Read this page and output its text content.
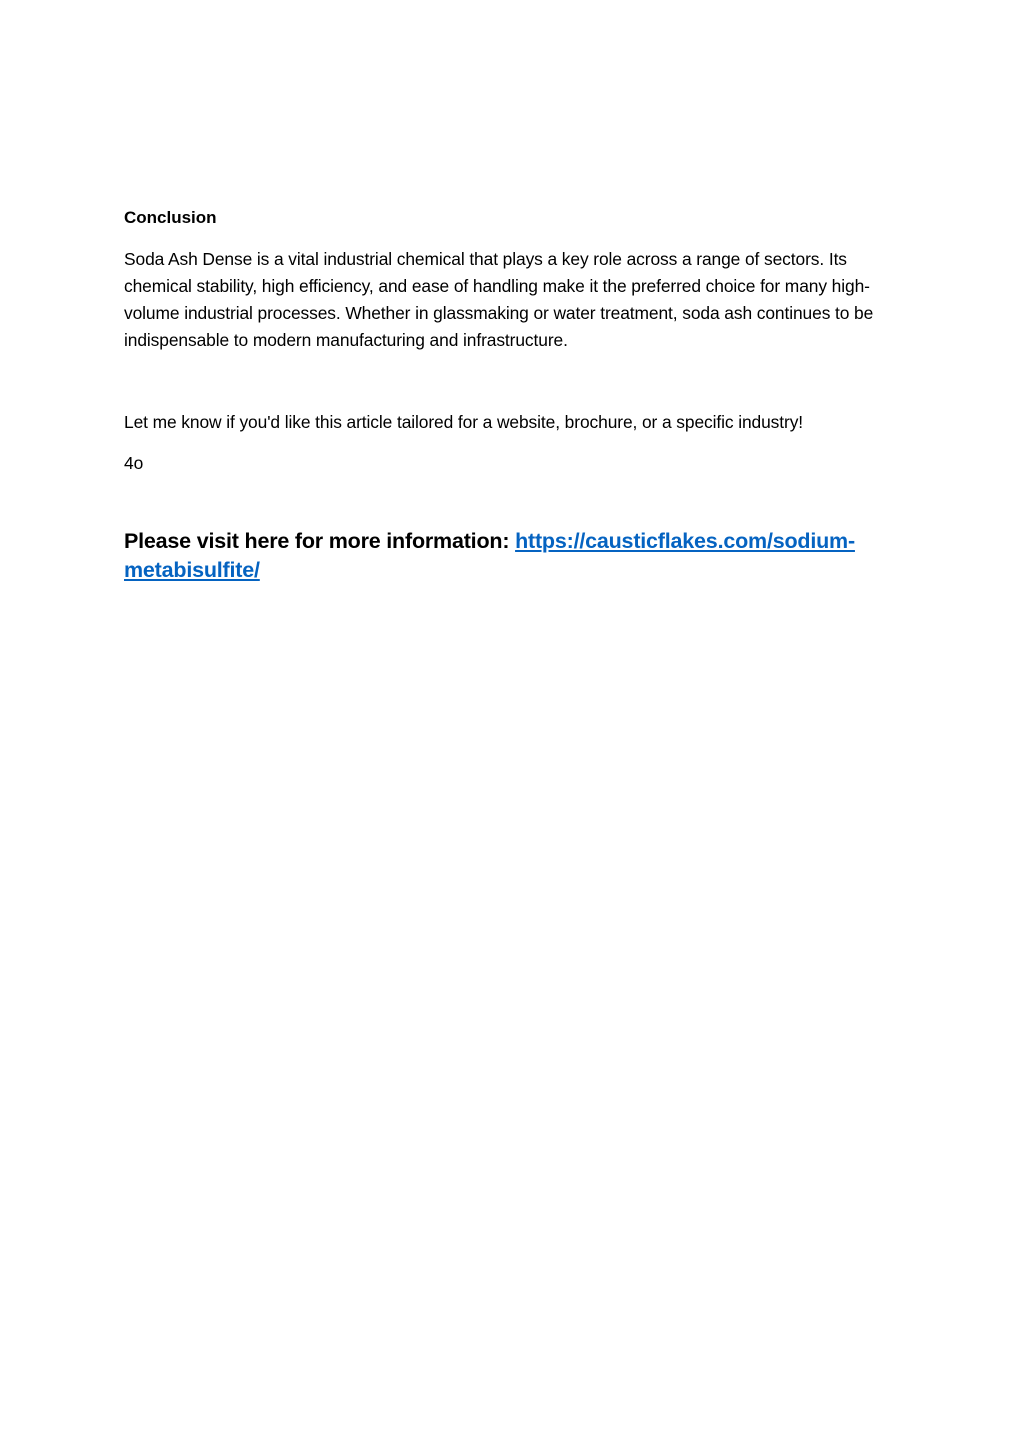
Conclusion

Soda Ash Dense is a vital industrial chemical that plays a key role across a range of sectors. Its chemical stability, high efficiency, and ease of handling make it the preferred choice for many high-volume industrial processes. Whether in glassmaking or water treatment, soda ash continues to be indispensable to modern manufacturing and infrastructure.

Let me know if you'd like this article tailored for a website, brochure, or a specific industry!

4o

Please visit here for more information: https://causticflakes.com/sodium-metabisulfite/
